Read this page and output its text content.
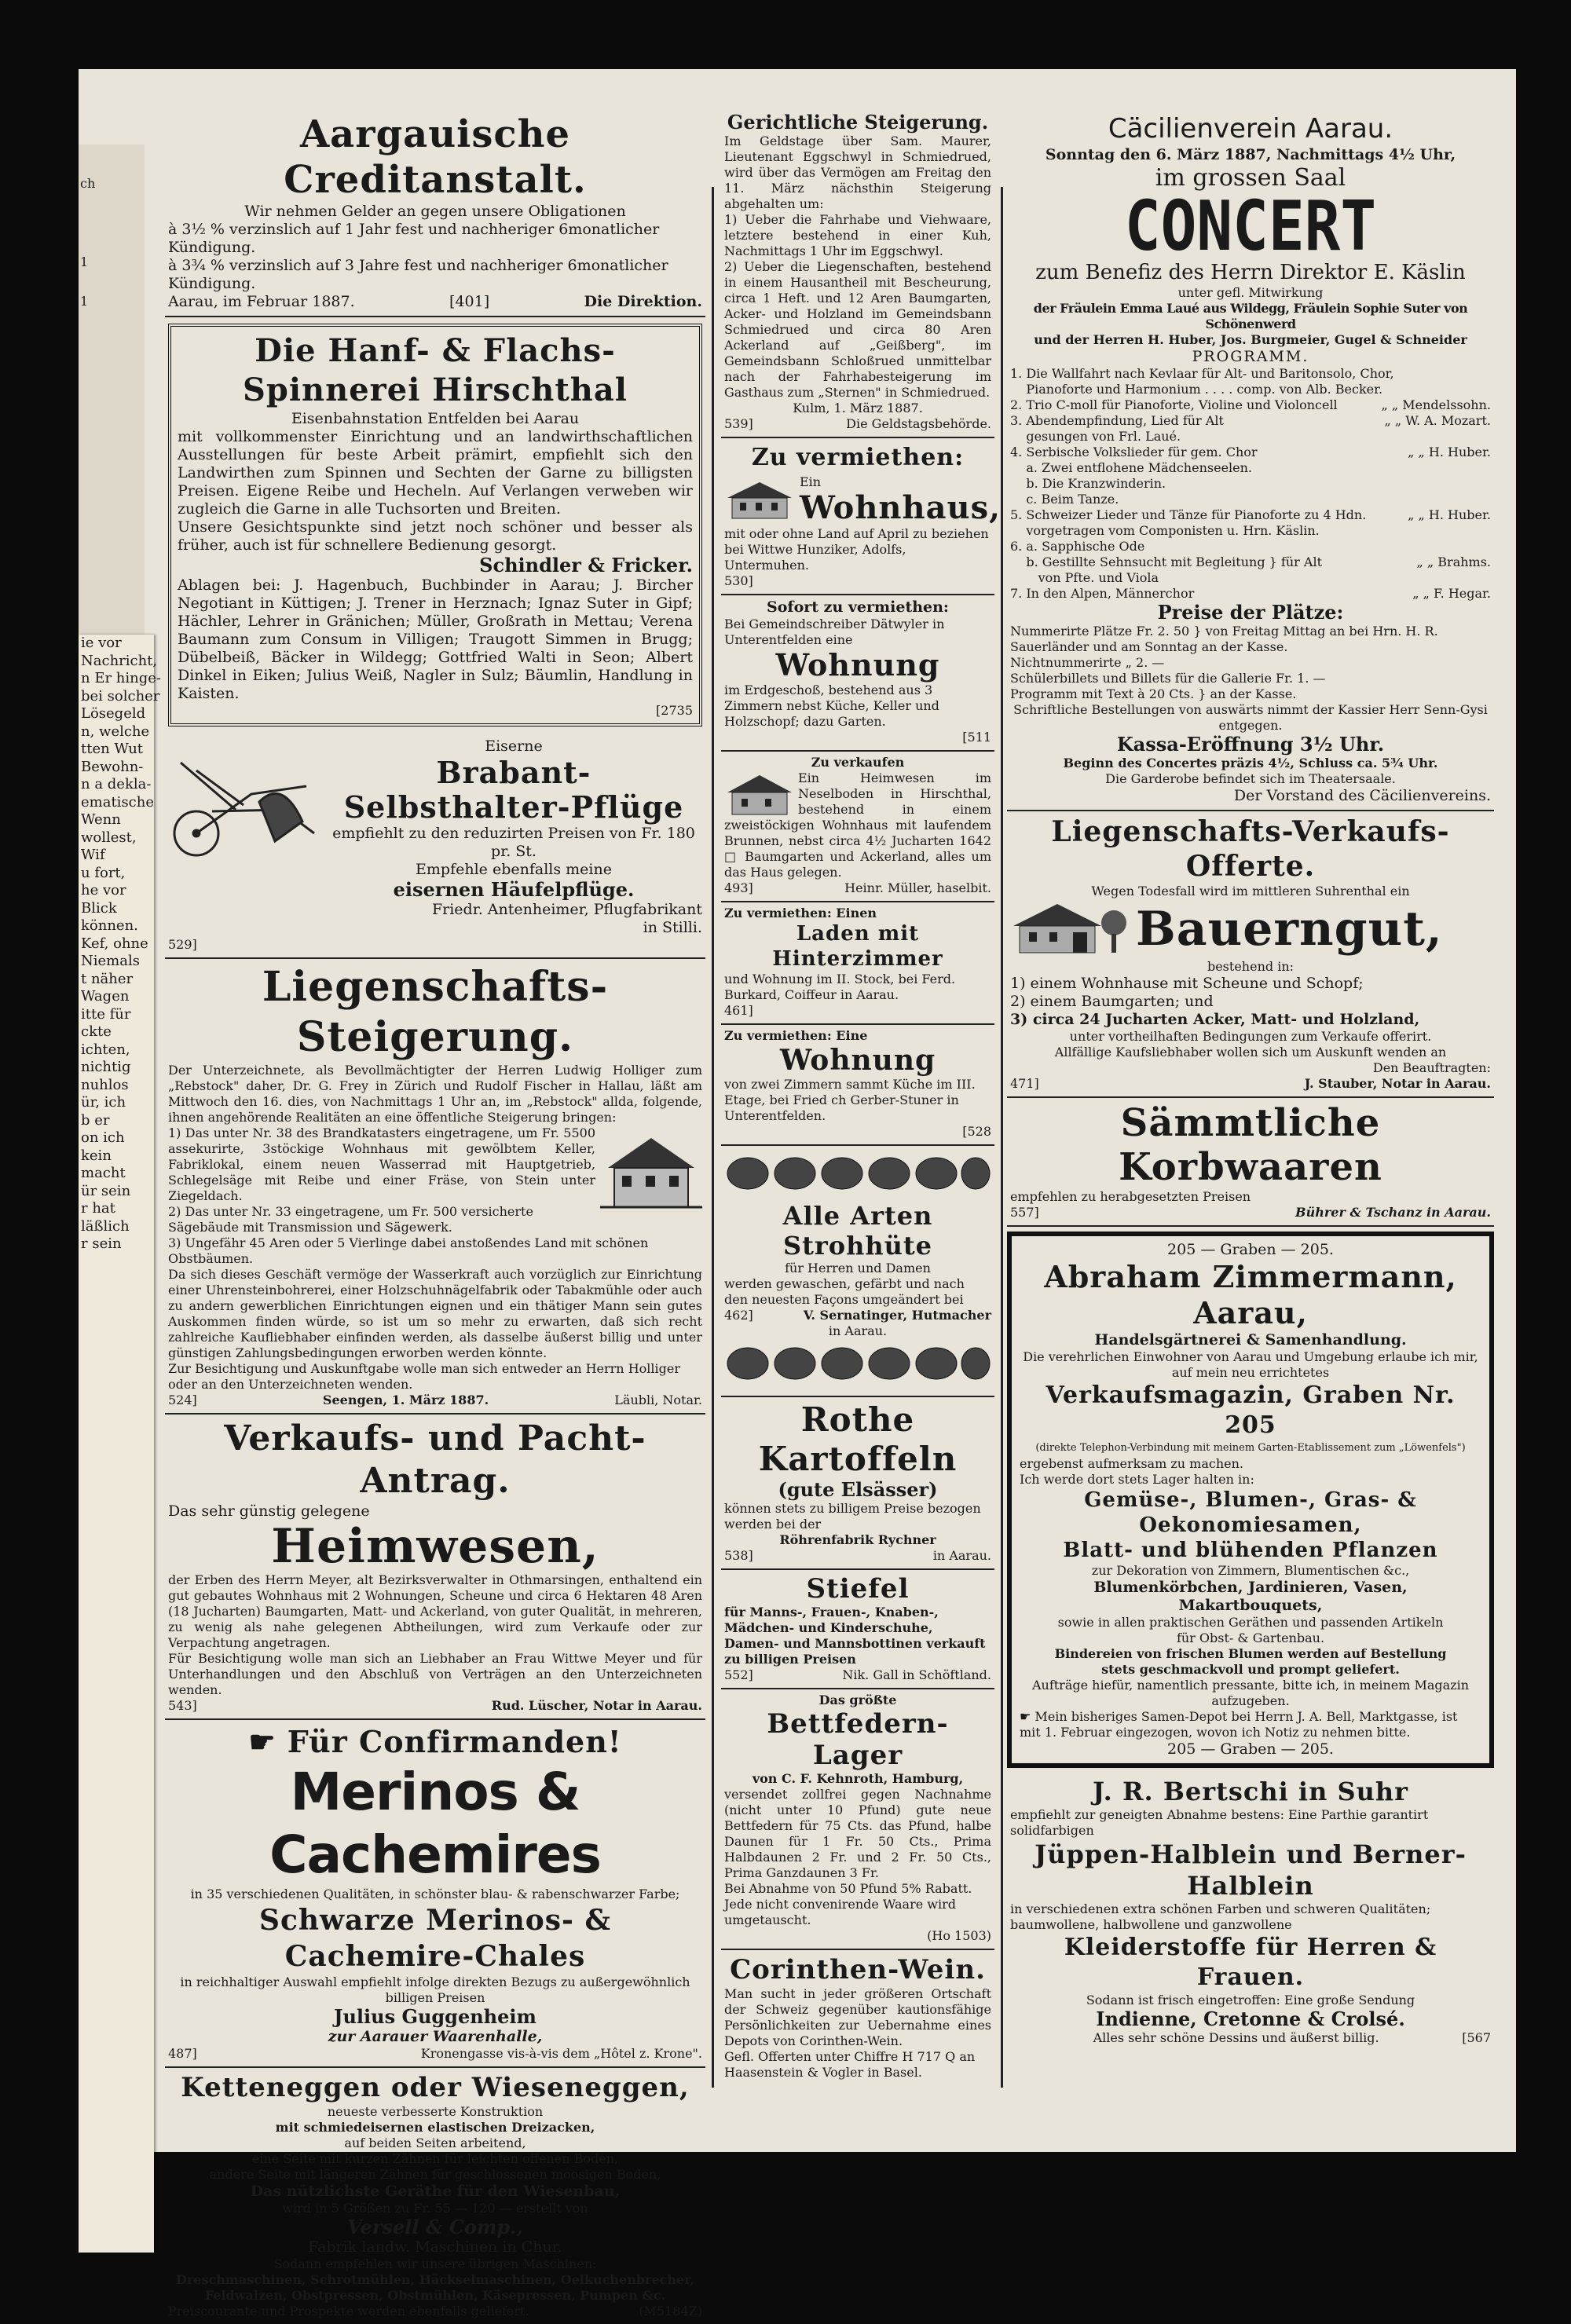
ch
1
1
ie vor
Nachricht,
n Er hinge-
bei solcher
Lösegeld
n, welche
tten Wut
Bewohn-
n a dekla-
ematische
Wenn
wollest,
Wif
u fort,
he vor
Blick
können.
Kef, ohne
Niemals
t näher
Wagen
itte für
ckte
ichten,
nichtig
nuhlos
ür, ich
b er
on ich
kein
macht
ür sein
r hat
läßlich
r sein
Aargauische Creditanstalt.
Wir nehmen Gelder an gegen unsere Obligationen
à 3½ % verzinslich auf 1 Jahr fest und nachheriger 6monatlicher Kündigung.
à 3¾ % verzinslich auf 3 Jahre fest und nachheriger 6monatlicher Kündigung.
Aarau, im Februar 1887.	[401]	Die Direktion.
Die Hanf- & Flachs-Spinnerei Hirschthal
Eisenbahnstation Entfelden bei Aarau
mit vollkommenster Einrichtung und an landwirthschaftlichen Ausstellungen für beste Arbeit prämirt, empfiehlt sich den Landwirthen zum Spinnen und Sechten der Garne zu billigsten Preisen. Eigene Reibe und Hecheln. Auf Verlangen verweben wir zugleich die Garne in alle Tuchsorten und Breiten.
Unsere Gesichtspunkte sind jetzt noch schöner und besser als früher, auch ist für schnellere Bedienung gesorgt.
Schindler & Fricker.
Ablagen bei: J. Hagenbuch, Buchbinder in Aarau; J. Bircher Negotiant in Küttigen; J. Trener in Herznach; Ignaz Suter in Gipf; Hächler, Lehrer in Gränichen; Müller, Großrath in Mettau; Verena Baumann zum Consum in Villigen; Traugott Simmen in Brugg; Dübelbeiß, Bäcker in Wildegg; Gottfried Walti in Seon; Albert Dinkel in Eiken; Julius Weiß, Nagler in Sulz; Bäumlin, Handlung in Kaisten.
[2735
Eiserne
Brabant-Selbsthalter-Pflüge
empfiehlt zu den reduzirten Preisen von Fr. 180 pr. St.
Empfehle ebenfalls meine
eisernen Häufelpflüge.
Friedr. Antenheimer, Pflugfabrikant
in Stilli.
529]
Liegenschafts-Steigerung.
Der Unterzeichnete, als Bevollmächtigter der Herren Ludwig Holliger zum „Rebstock" daher, Dr. G. Frey in Zürich und Rudolf Fischer in Hallau, läßt am Mittwoch den 16. dies, von Nachmittags 1 Uhr an, im „Rebstock" allda, folgende, ihnen angehörende Realitäten an eine öffentliche Steigerung bringen:
1) Das unter Nr. 38 des Brandkatasters eingetragene, um Fr. 5500 assekurirte, 3stöckige Wohnhaus mit gewölbtem Keller, Fabriklokal, einem neuen Wasserrad mit Hauptgetrieb, Schlegelsäge mit Reibe und einer Fräse, von Stein unter Ziegeldach.
2) Das unter Nr. 33 eingetragene, um Fr. 500 versicherte Sägebäude mit Transmission und Sägewerk.
3) Ungefähr 45 Aren oder 5 Vierlinge dabei anstoßendes Land mit schönen Obstbäumen.
Da sich dieses Geschäft vermöge der Wasserkraft auch vorzüglich zur Einrichtung einer Uhrensteinbohrerei, einer Holzschuhnägelfabrik oder Tabakmühle oder auch zu andern gewerblichen Einrichtungen eignen und ein thätiger Mann sein gutes Auskommen finden würde, so ist um so mehr zu erwarten, daß sich recht zahlreiche Kaufliebhaber einfinden werden, als dasselbe äußerst billig und unter günstigen Zahlungsbedingungen erworben werden könnte.
Zur Besichtigung und Auskunftgabe wolle man sich entweder an Herrn Holliger oder an den Unterzeichneten wenden.
524]	Seengen, 1. März 1887.	Läubli, Notar.
Verkaufs- und Pacht-Antrag.
Das sehr günstig gelegene
Heimwesen,
der Erben des Herrn Meyer, alt Bezirksverwalter in Othmarsingen, enthaltend ein gut gebautes Wohnhaus mit 2 Wohnungen, Scheune und circa 6 Hektaren 48 Aren (18 Jucharten) Baumgarten, Matt- und Ackerland, von guter Qualität, in mehreren, zu wenig als nahe gelegenen Abtheilungen, wird zum Verkaufe oder zur Verpachtung angetragen.
Für Besichtigung wolle man sich an Liebhaber an Frau Wittwe Meyer und für Unterhandlungen und den Abschluß von Verträgen an den Unterzeichneten wenden.
543]	Rud. Lüscher, Notar in Aarau.
☛ Für Confirmanden!
Merinos & Cachemires
in 35 verschiedenen Qualitäten, in schönster blau- & rabenschwarzer Farbe;
Schwarze Merinos- & Cachemire-Chales
in reichhaltiger Auswahl empfiehlt infolge direkten Bezugs zu außergewöhnlich billigen Preisen
Julius Guggenheim
zur Aarauer Waarenhalle,
487]	Kronengasse vis-à-vis dem „Hôtel z. Krone".
Ketteneggen oder Wieseneggen,
neueste verbesserte Konstruktion
mit schmiedeisernen elastischen Dreizacken,
auf beiden Seiten arbeitend,
eine Seite mit kurzen Zähnen für leichten offenen Boden,
andere Seite mit längeren Zähnen für geschlossenen moosigen Boden,
Das nützlichste Geräthe für den Wiesenbau,
wird in 5 Größen zu Fr. 55 — 120 — erstellt von
Versell & Comp.,
Fabrik landw. Maschinen in Chur.
Sodann empfehlen wir unsere übrigen Maschinen:
Dreschmaschinen, Schrotmühlen, Häckselmaschinen, Oelkuchenbrecher, Feldwalzen, Obstpressen, Obstmühlen, Käsepressen, Pumpen &c.
Preiscourante und Prospekte werden ebenfalls geliefert.	(M5184Z)
Gerichtliche Steigerung.
Im Geldstage über Sam. Maurer, Lieutenant Eggschwyl in Schmiedrued, wird über das Vermögen am Freitag den 11. März nächsthin Steigerung abgehalten um:
1) Ueber die Fahrhabe und Viehwaare, letztere bestehend in einer Kuh, Nachmittags 1 Uhr im Eggschwyl.
2) Ueber die Liegenschaften, bestehend in einem Hausantheil mit Bescheurung, circa 1 Heft. und 12 Aren Baumgarten, Acker- und Holzland im Gemeindsbann Schmiedrued und circa 80 Aren Ackerland auf „Geißberg", im Gemeindsbann Schloßrued unmittelbar nach der Fahrhabesteigerung im Gasthaus zum „Sternen" in Schmiedrued.
Kulm, 1. März 1887.
539]	Die Geldstagsbehörde.
Zu vermiethen:
Ein
Wohnhaus,
mit oder ohne Land auf April zu beziehen bei Wittwe Hunziker, Adolfs, Untermuhen.
530]
Sofort zu vermiethen:
Bei Gemeindschreiber Dätwyler in Unterentfelden eine
Wohnung
im Erdgeschoß, bestehend aus 3 Zimmern nebst Küche, Keller und Holzschopf; dazu Garten.
[511
Zu verkaufen
Ein Heimwesen im Neselboden in Hirschthal, bestehend in einem zweistöckigen Wohnhaus mit laufendem Brunnen, nebst circa 4½ Jucharten 1642 □ Baumgarten und Ackerland, alles um das Haus gelegen.
493]	Heinr. Müller, haselbit.
Zu vermiethen: Einen
Laden mit Hinterzimmer
und Wohnung im II. Stock, bei Ferd. Burkard, Coiffeur in Aarau.
461]
Zu vermiethen: Eine
Wohnung
von zwei Zimmern sammt Küche im III. Etage, bei Fried ch Gerber-Stuner in Unterentfelden.
[528
Alle Arten Strohhüte
für Herren und Damen
werden gewaschen, gefärbt und nach den neuesten Façons umgeändert bei
462]	V. Sernatinger, Hutmacher
in Aarau.
Rothe Kartoffeln
(gute Elsässer)
können stets zu billigem Preise bezogen werden bei der
Röhrenfabrik Rychner
538]	in Aarau.
Stiefel
für Manns-, Frauen-, Knaben-, Mädchen- und Kinderschuhe, Damen- und Mannsbottinen verkauft zu billigen Preisen
552]	Nik. Gall in Schöftland.
Das größte
Bettfedern-Lager
von C. F. Kehnroth, Hamburg,
versendet zollfrei gegen Nachnahme (nicht unter 10 Pfund) gute neue Bettfedern für 75 Cts. das Pfund, halbe Daunen für 1 Fr. 50 Cts., Prima Halbdaunen 2 Fr. und 2 Fr. 50 Cts., Prima Ganzdaunen 3 Fr.
Bei Abnahme von 50 Pfund 5% Rabatt.
Jede nicht convenirende Waare wird umgetauscht.
(Ho 1503)
Corinthen-Wein.
Man sucht in jeder größeren Ortschaft der Schweiz gegenüber kautionsfähige Persönlichkeiten zur Uebernahme eines Depots von Corinthen-Wein.
Gefl. Offerten unter Chiffre H 717 Q an Haasenstein & Vogler in Basel.
Cäcilienverein Aarau.
Sonntag den 6. März 1887, Nachmittags 4½ Uhr,
im grossen Saal
CONCERT
zum Benefiz des Herrn Direktor E. Käslin
unter gefl. Mitwirkung
der Fräulein Emma Laué aus Wildegg, Fräulein Sophie Suter von Schönenwerd
und der Herren H. Huber, Jos. Burgmeier, Gugel & Schneider
PROGRAMM.
1. Die Wallfahrt nach Kevlaar für Alt- und Baritonsolo, Chor,
Pianoforte und Harmonium . . . . comp. von Alb. Becker.
2. Trio C-moll für Pianoforte, Violine und Violoncell	„ „ Mendelssohn.
3. Abendempfindung, Lied für Alt	„ „ W. A. Mozart.
gesungen von Frl. Laué.
4. Serbische Volkslieder für gem. Chor	„ „ H. Huber.
a. Zwei entflohene Mädchenseelen.
b. Die Kranzwinderin.
c. Beim Tanze.
5. Schweizer Lieder und Tänze für Pianoforte zu 4 Hdn.	„ „ H. Huber.
vorgetragen vom Componisten u. Hrn. Käslin.
6. a. Sapphische Ode
b. Gestillte Sehnsucht mit Begleitung } für Alt	„ „ Brahms.
von Pfte. und Viola
7. In den Alpen, Männerchor	„ „ F. Hegar.
Preise der Plätze:
Nummerirte Plätze Fr. 2. 50 } von Freitag Mittag an bei Hrn. H. R. Sauerländer und am Sonntag an der Kasse.
Nichtnummerirte „ 2. —
Schülerbillets und Billets für die Gallerie Fr. 1. —
Programm mit Text à 20 Cts. } an der Kasse.
Schriftliche Bestellungen von auswärts nimmt der Kassier Herr Senn-Gysi entgegen.
Kassa-Eröffnung 3½ Uhr.
Beginn des Concertes präzis 4½, Schluss ca. 5¾ Uhr.
Die Garderobe befindet sich im Theatersaale.
Der Vorstand des Cäcilienvereins.
Liegenschafts-Verkaufs-Offerte.
Wegen Todesfall wird im mittleren Suhrenthal ein
Bauerngut,
bestehend in:
1) einem Wohnhause mit Scheune und Schopf;
2) einem Baumgarten; und
3) circa 24 Jucharten Acker, Matt- und Holzland,
unter vortheilhaften Bedingungen zum Verkaufe offerirt.
Allfällige Kaufsliebhaber wollen sich um Auskunft wenden an
Den Beauftragten:
471]	J. Stauber, Notar in Aarau.
Sämmtliche Korbwaaren
empfehlen zu herabgesetzten Preisen
557]	Bührer & Tschanz in Aarau.
205 — Graben — 205.
Abraham Zimmermann, Aarau,
Handelsgärtnerei & Samenhandlung.
Die verehrlichen Einwohner von Aarau und Umgebung erlaube ich mir, auf mein neu errichtetes
Verkaufsmagazin, Graben Nr. 205
(direkte Telephon-Verbindung mit meinem Garten-Etablissement zum „Löwenfels")
ergebenst aufmerksam zu machen.
Ich werde dort stets Lager halten in:
Gemüse-, Blumen-, Gras- & Oekonomiesamen,
Blatt- und blühenden Pflanzen
zur Dekoration von Zimmern, Blumentischen &c.,
Blumenkörbchen, Jardinieren, Vasen, Makartbouquets,
sowie in allen praktischen Geräthen und passenden Artikeln
für Obst- & Gartenbau.
Bindereien von frischen Blumen werden auf Bestellung
stets geschmackvoll und prompt geliefert.
Aufträge hiefür, namentlich pressante, bitte ich, in meinem Magazin aufzugeben.
☛ Mein bisheriges Samen-Depot bei Herrn J. A. Bell, Marktgasse, ist mit 1. Februar eingezogen, wovon ich Notiz zu nehmen bitte.
205 — Graben — 205.
J. R. Bertschi in Suhr
empfiehlt zur geneigten Abnahme bestens: Eine Parthie garantirt solidfarbigen
Jüppen-Halblein und Berner-Halblein
in verschiedenen extra schönen Farben und schweren Qualitäten; baumwollene, halbwollene und ganzwollene
Kleiderstoffe für Herren & Frauen.
Sodann ist frisch eingetroffen: Eine große Sendung
Indienne, Cretonne & Crolsé.
Alles sehr schöne Dessins und äußerst billig.	[567
